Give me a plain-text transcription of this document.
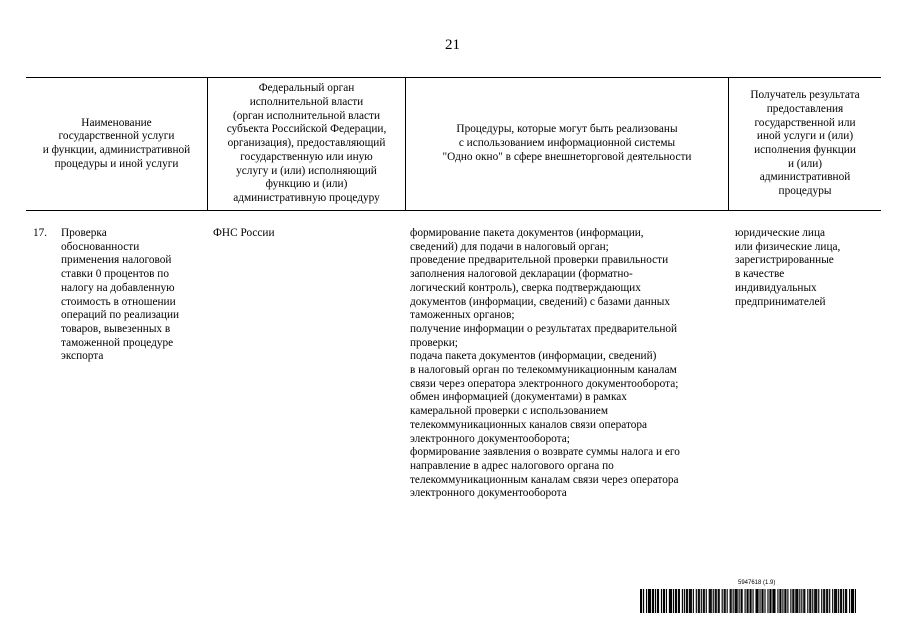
21
Наименование
государственной услуги
и функции, административной
процедуры и иной услуги
Федеральный орган
исполнительной власти
(орган исполнительной власти
субъекта Российской Федерации,
организация), предоставляющий
государственную или иную
услугу и (или) исполняющий
функцию и (или)
административную процедуру
Процедуры, которые могут быть реализованы
с использованием информационной системы
"Одно окно" в сфере внешнеторговой деятельности
Получатель результата
предоставления
государственной или
иной услуги и (или)
исполнения функции
и (или)
административной
процедуры
17. Проверка
обоснованности
применения налоговой
ставки 0 процентов по
налогу на добавленную
стоимость в отношении
операций по реализации
товаров, вывезенных в
таможенной процедуре
экспорта
ФНС России	формирование пакета документов (информации,
сведений) для подачи в налоговый орган;
проведение предварительной проверки правильности
заполнения налоговой декларации (форматно-
логический контроль), сверка подтверждающих
документов (информации, сведений) с базами данных
таможенных органов;
получение информации о результатах предварительной
проверки;
подача пакета документов (информации, сведений)
в налоговый орган по телекоммуникационным каналам
связи через оператора электронного документооборота;
обмен информацией (документами) в рамках
камеральной проверки с использованием
телекоммуникационных каналов связи оператора
электронного документооборота;
формирование заявления о возврате суммы налога и его
направление в адрес налогового органа по
телекоммуникационным каналам связи через оператора
электронного документооборота
юридические лица
или физические лица,
зарегистрированные
в качестве
индивидуальных
предпринимателей
5947618 (1.9)
